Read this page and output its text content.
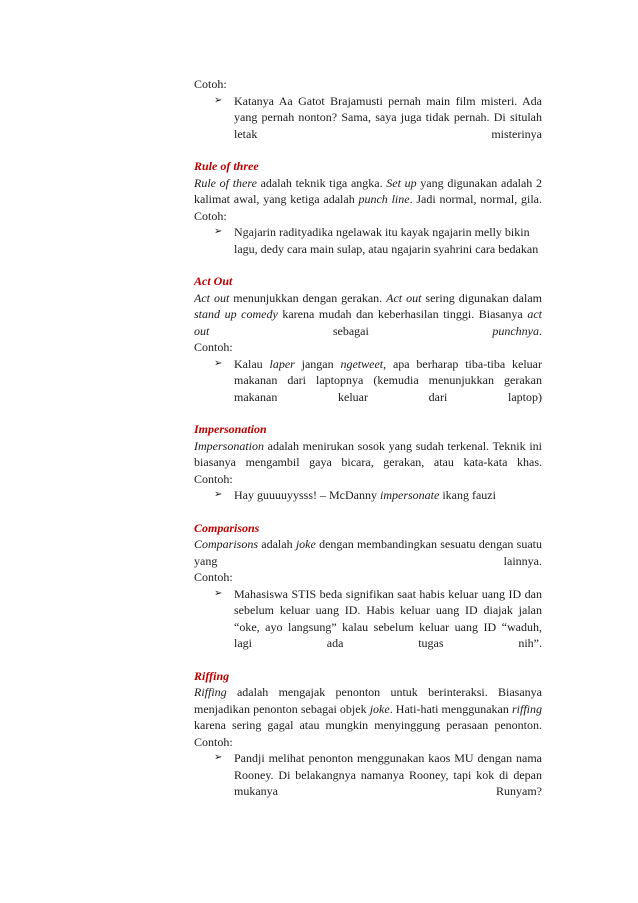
Cotoh:

➢ Katanya Aa Gatot Brajamusti pernah main film misteri. Ada yang pernah nonton? Sama, saya juga tidak pernah. Di situlah letak misterinya

Rule of three

Rule of there adalah teknik tiga angka. Set up yang digunakan adalah 2 kalimat awal, yang ketiga adalah punch line. Jadi normal, normal, gila.

Cotoh:

➢ Ngajarin radityadika ngelawak itu kayak ngajarin melly bikin lagu, dedy cara main sulap, atau ngajarin syahrini cara bedakan

Act Out

Act out menunjukkan dengan gerakan. Act out sering digunakan dalam stand up comedy karena mudah dan keberhasilan tinggi. Biasanya act out sebagai punchnya.

Contoh:

➢ Kalau laper jangan ngetweet, apa berharap tiba-tiba keluar makanan dari laptopnya (kemudia menunjukkan gerakan makanan keluar dari laptop)

Impersonation

Impersonation adalah menirukan sosok yang sudah terkenal. Teknik ini biasanya mengambil gaya bicara, gerakan, atau kata-kata khas.

Contoh:

➢ Hay guuuuyysss! – McDanny impersonate ikang fauzi

Comparisons

Comparisons adalah joke dengan membandingkan sesuatu dengan suatu yang lainnya.

Contoh:

➢ Mahasiswa STIS beda signifikan saat habis keluar uang ID dan sebelum keluar uang ID. Habis keluar uang ID diajak jalan “oke, ayo langsung” kalau sebelum keluar uang ID “waduh, lagi ada tugas nih”.

Riffing

Riffing adalah mengajak penonton untuk berinteraksi. Biasanya menjadikan penonton sebagai objek joke. Hati-hati menggunakan riffing karena sering gagal atau mungkin menyinggung perasaan penonton.

Contoh:

➢ Pandji melihat penonton menggunakan kaos MU dengan nama Rooney. Di belakangnya namanya Rooney, tapi kok di depan mukanya Runyam?
